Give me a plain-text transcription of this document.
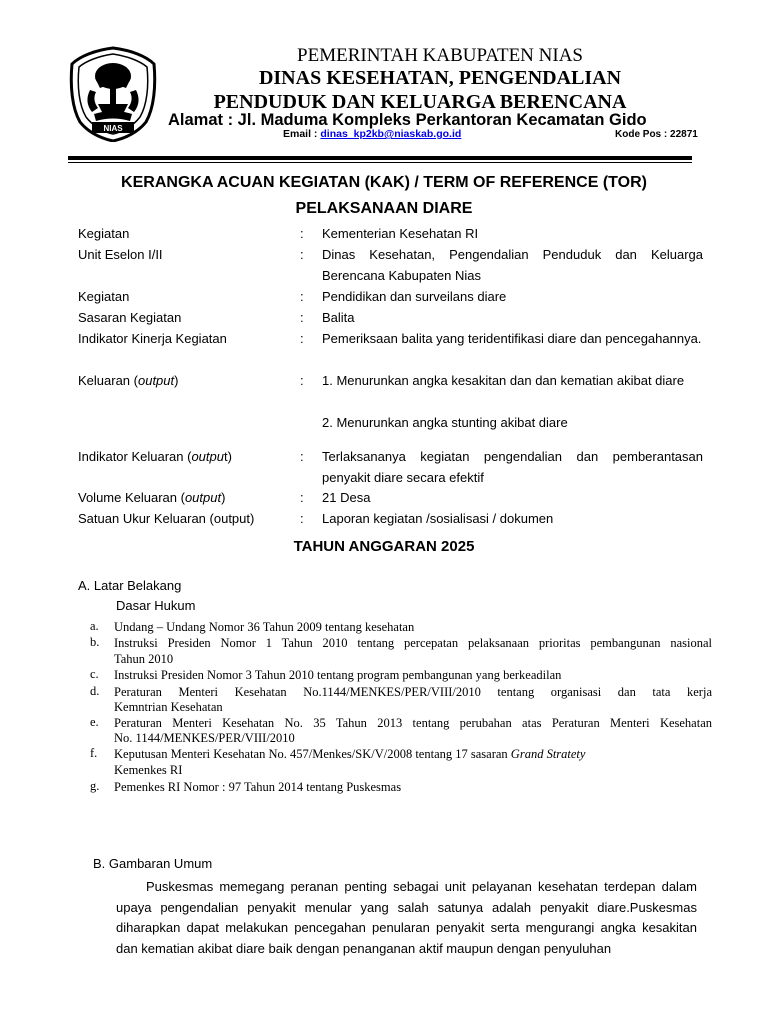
NIAS
PEMERINTAH KABUPATEN NIAS
DINAS KESEHATAN, PENGENDALIAN
PENDUDUK DAN KELUARGA BERENCANA
Alamat : Jl. Maduma Kompleks Perkantoran Kecamatan Gido
Email : dinas_kp2kb@niaskab.go.id	Kode Pos : 22871
KERANGKA ACUAN KEGIATAN (KAK) / TERM OF REFERENCE (TOR)
PELAKSANAAN DIARE
Kegiatan	: Kementerian Kesehatan RI
Unit Eselon I/II	: Dinas Kesehatan, Pengendalian Penduduk dan Keluarga Berencana Kabupaten Nias
Kegiatan	: Pendidikan dan surveilans diare
Sasaran Kegiatan	: Balita
Indikator Kinerja Kegiatan	: Pemeriksaan balita yang teridentifikasi diare dan pencegahannya.
Keluaran (output)	: 1. Menurunkan angka kesakitan dan dan kematian akibat diare
2. Menurunkan angka stunting akibat diare
Indikator Keluaran (output)	: Terlaksananya kegiatan pengendalian dan pemberantasan penyakit diare secara efektif
Volume Keluaran (output)	: 21 Desa
Satuan Ukur Keluaran (output)	: Laporan kegiatan /sosialisasi / dokumen
TAHUN ANGGARAN 2025
A. Latar Belakang
Dasar Hukum
a.	Undang – Undang Nomor 36 Tahun 2009 tentang kesehatan
b.	Instruksi Presiden Nomor 1 Tahun 2010 tentang percepatan pelaksanaan prioritas pembangunan nasional
Tahun 2010
c.	Instruksi Presiden Nomor 3 Tahun 2010 tentang program pembangunan yang berkeadilan
d.	Peraturan Menteri Kesehatan No.1144/MENKES/PER/VIII/2010 tentang organisasi dan tata kerja
Kemntrian Kesehatan
e.	Peraturan Menteri Kesehatan No. 35 Tahun 2013 tentang perubahan atas Peraturan Menteri Kesehatan
No. 1144/MENKES/PER/VIII/2010
f.	Keputusan Menteri Kesehatan No. 457/Menkes/SK/V/2008 tentang 17 sasaran Grand Stratety
Kemenkes RI
g.	Pemenkes RI Nomor : 97 Tahun 2014 tentang Puskesmas
B. Gambaran Umum
Puskesmas memegang peranan penting sebagai unit pelayanan kesehatan terdepan dalam upaya pengendalian penyakit menular yang salah satunya adalah penyakit diare.Puskesmas diharapkan dapat melakukan pencegahan penularan penyakit serta mengurangi angka kesakitan dan kematian akibat diare baik dengan penanganan aktif maupun dengan penyuluhan
